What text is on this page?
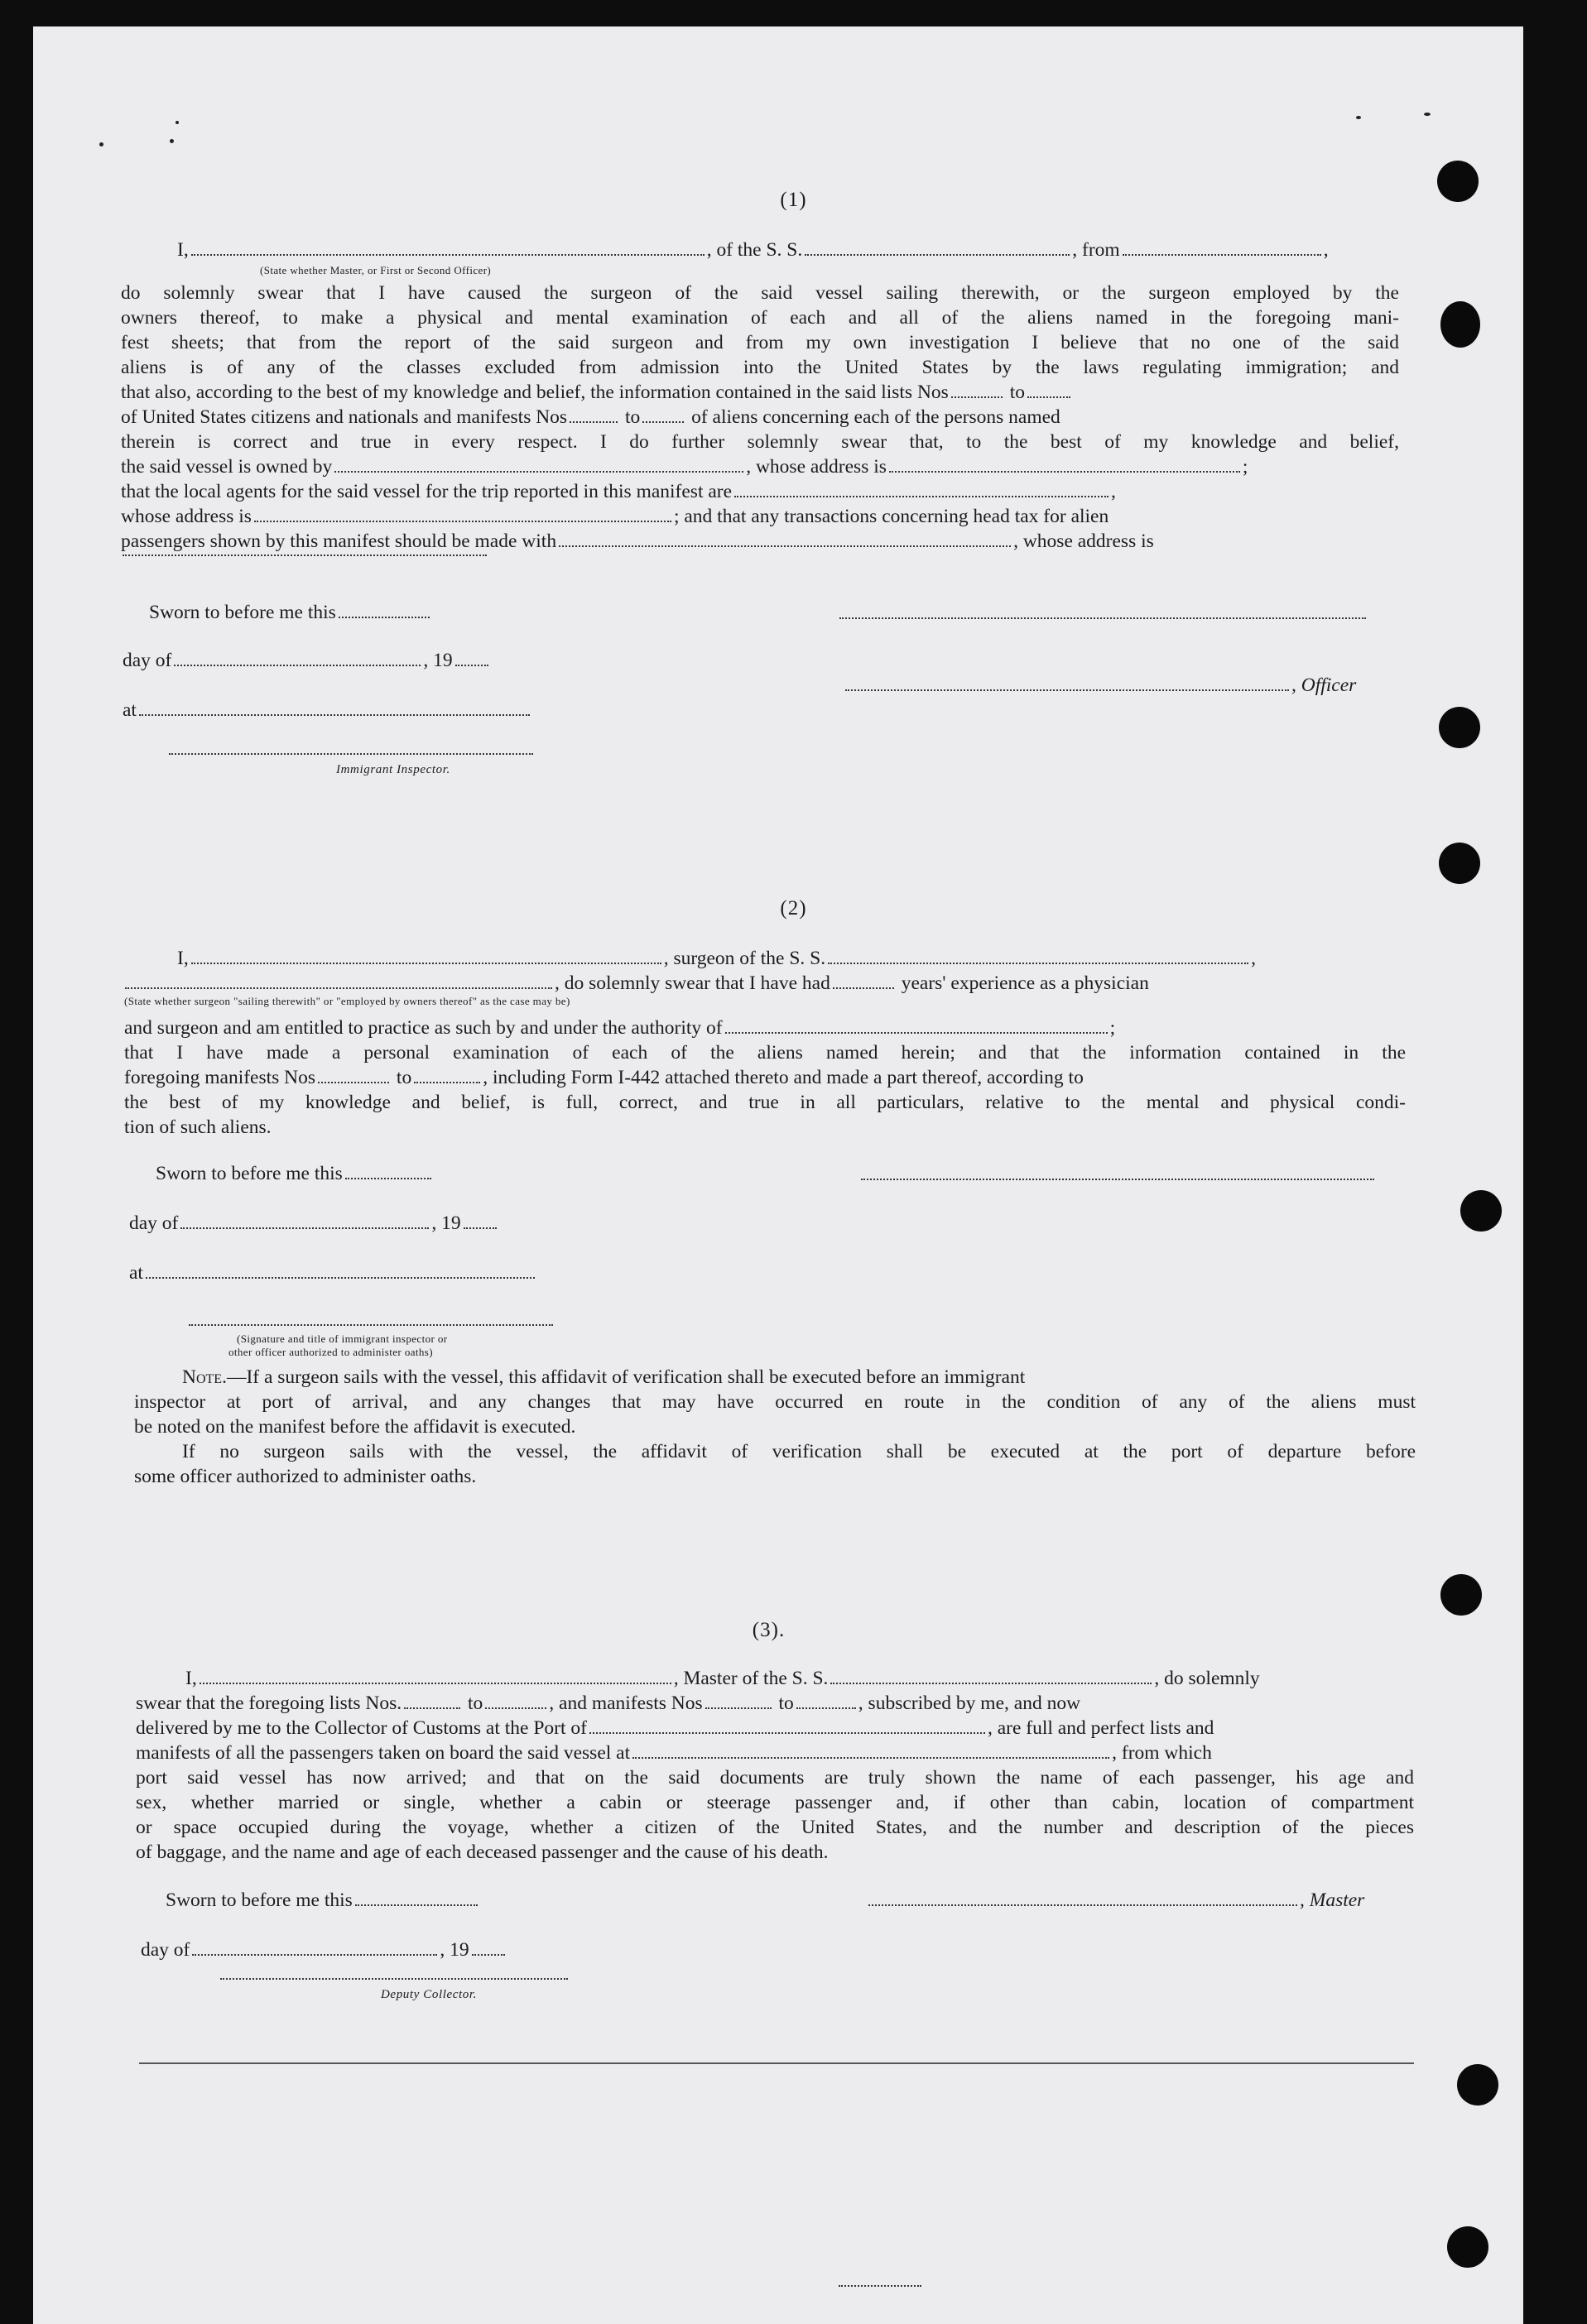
(1)
I,	, of the S. S.	, from	,
(State whether Master, or First or Second Officer)
do solemnly swear that I have caused the surgeon of the said vessel sailing therewith, or the surgeon employed by the
owners thereof, to make a physical and mental examination of each and all of the aliens named in the foregoing mani-
fest sheets; that from the report of the said surgeon and from my own investigation I believe that no one of the said
aliens is of any of the classes excluded from admission into the United States by the laws regulating immigration; and
that also, according to the best of my knowledge and belief, the information contained in the said lists Nos	to
of United States citizens and nationals and manifests Nos	to	of aliens concerning each of the persons named
therein is correct and true in every respect. I do further solemnly swear that, to the best of my knowledge and belief,
the said vessel is owned by	, whose address is	;
that the local agents for the said vessel for the trip reported in this manifest are	,
whose address is	; and that any transactions concerning head tax for alien
passengers shown by this manifest should be made with	, whose address is
Sworn to before me this
day of	, 19
, Officer
at
Immigrant Inspector.
(2)
I,	, surgeon of the S. S.	,
, do solemnly swear that I have had	years' experience as a physician
(State whether surgeon "sailing therewith" or "employed by owners thereof" as the case may be)
and surgeon and am entitled to practice as such by and under the authority of	;
that I have made a personal examination of each of the aliens named herein; and that the information contained in the
foregoing manifests Nos	to	, including Form I-442 attached thereto and made a part thereof, according to
the best of my knowledge and belief, is full, correct, and true in all particulars, relative to the mental and physical condi-
tion of such aliens.
Sworn to before me this
day of	, 19
at
(Signature and title of immigrant inspector or
other officer authorized to administer oaths)
Note.—If a surgeon sails with the vessel, this affidavit of verification shall be executed before an immigrant
inspector at port of arrival, and any changes that may have occurred en route in the condition of any of the aliens must
be noted on the manifest before the affidavit is executed.
If no surgeon sails with the vessel, the affidavit of verification shall be executed at the port of departure before
some officer authorized to administer oaths.
(3).
I,	, Master of the S. S.	, do solemnly
swear that the foregoing lists Nos.	to	, and manifests Nos	to	, subscribed by me, and now
delivered by me to the Collector of Customs at the Port of	, are full and perfect lists and
manifests of all the passengers taken on board the said vessel at	, from which
port said vessel has now arrived; and that on the said documents are truly shown the name of each passenger, his age and
sex, whether married or single, whether a cabin or steerage passenger and, if other than cabin, location of compartment
or space occupied during the voyage, whether a citizen of the United States, and the number and description of the pieces
of baggage, and the name and age of each deceased passenger and the cause of his death.
Sworn to before me this	, Master
day of	, 19
Deputy Collector.
